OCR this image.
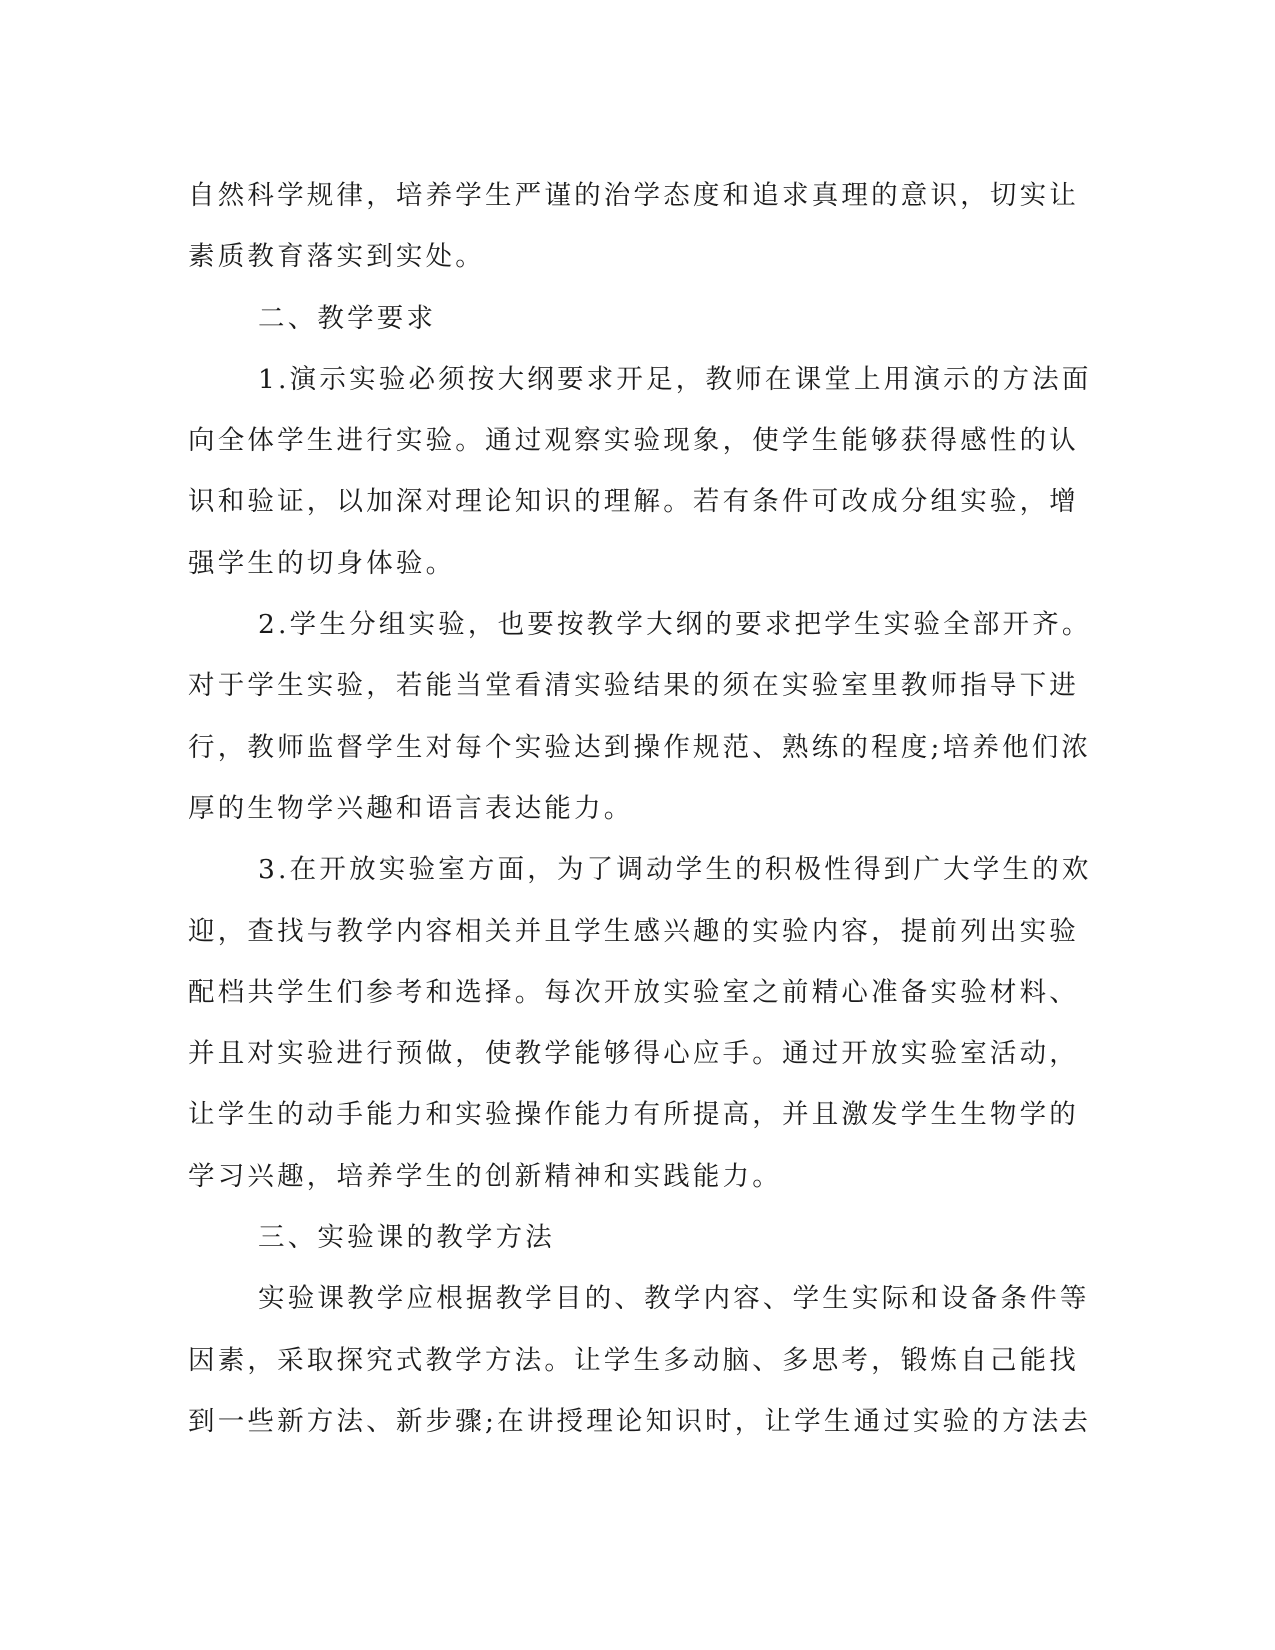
自然科学规律，培养学生严谨的治学态度和追求真理的意识，切实让
素质教育落实到实处。
二、教学要求
1.演示实验必须按大纲要求开足，教师在课堂上用演示的方法面
向全体学生进行实验。通过观察实验现象，使学生能够获得感性的认
识和验证，以加深对理论知识的理解。若有条件可改成分组实验，增
强学生的切身体验。
2.学生分组实验，也要按教学大纲的要求把学生实验全部开齐。
对于学生实验，若能当堂看清实验结果的须在实验室里教师指导下进
行，教师监督学生对每个实验达到操作规范、熟练的程度;培养他们浓
厚的生物学兴趣和语言表达能力。
3.在开放实验室方面，为了调动学生的积极性得到广大学生的欢
迎，查找与教学内容相关并且学生感兴趣的实验内容，提前列出实验
配档共学生们参考和选择。每次开放实验室之前精心准备实验材料、
并且对实验进行预做，使教学能够得心应手。通过开放实验室活动，
让学生的动手能力和实验操作能力有所提高，并且激发学生生物学的
学习兴趣，培养学生的创新精神和实践能力。
三、实验课的教学方法
实验课教学应根据教学目的、教学内容、学生实际和设备条件等
因素，采取探究式教学方法。让学生多动脑、多思考，锻炼自己能找
到一些新方法、新步骤;在讲授理论知识时，让学生通过实验的方法去
